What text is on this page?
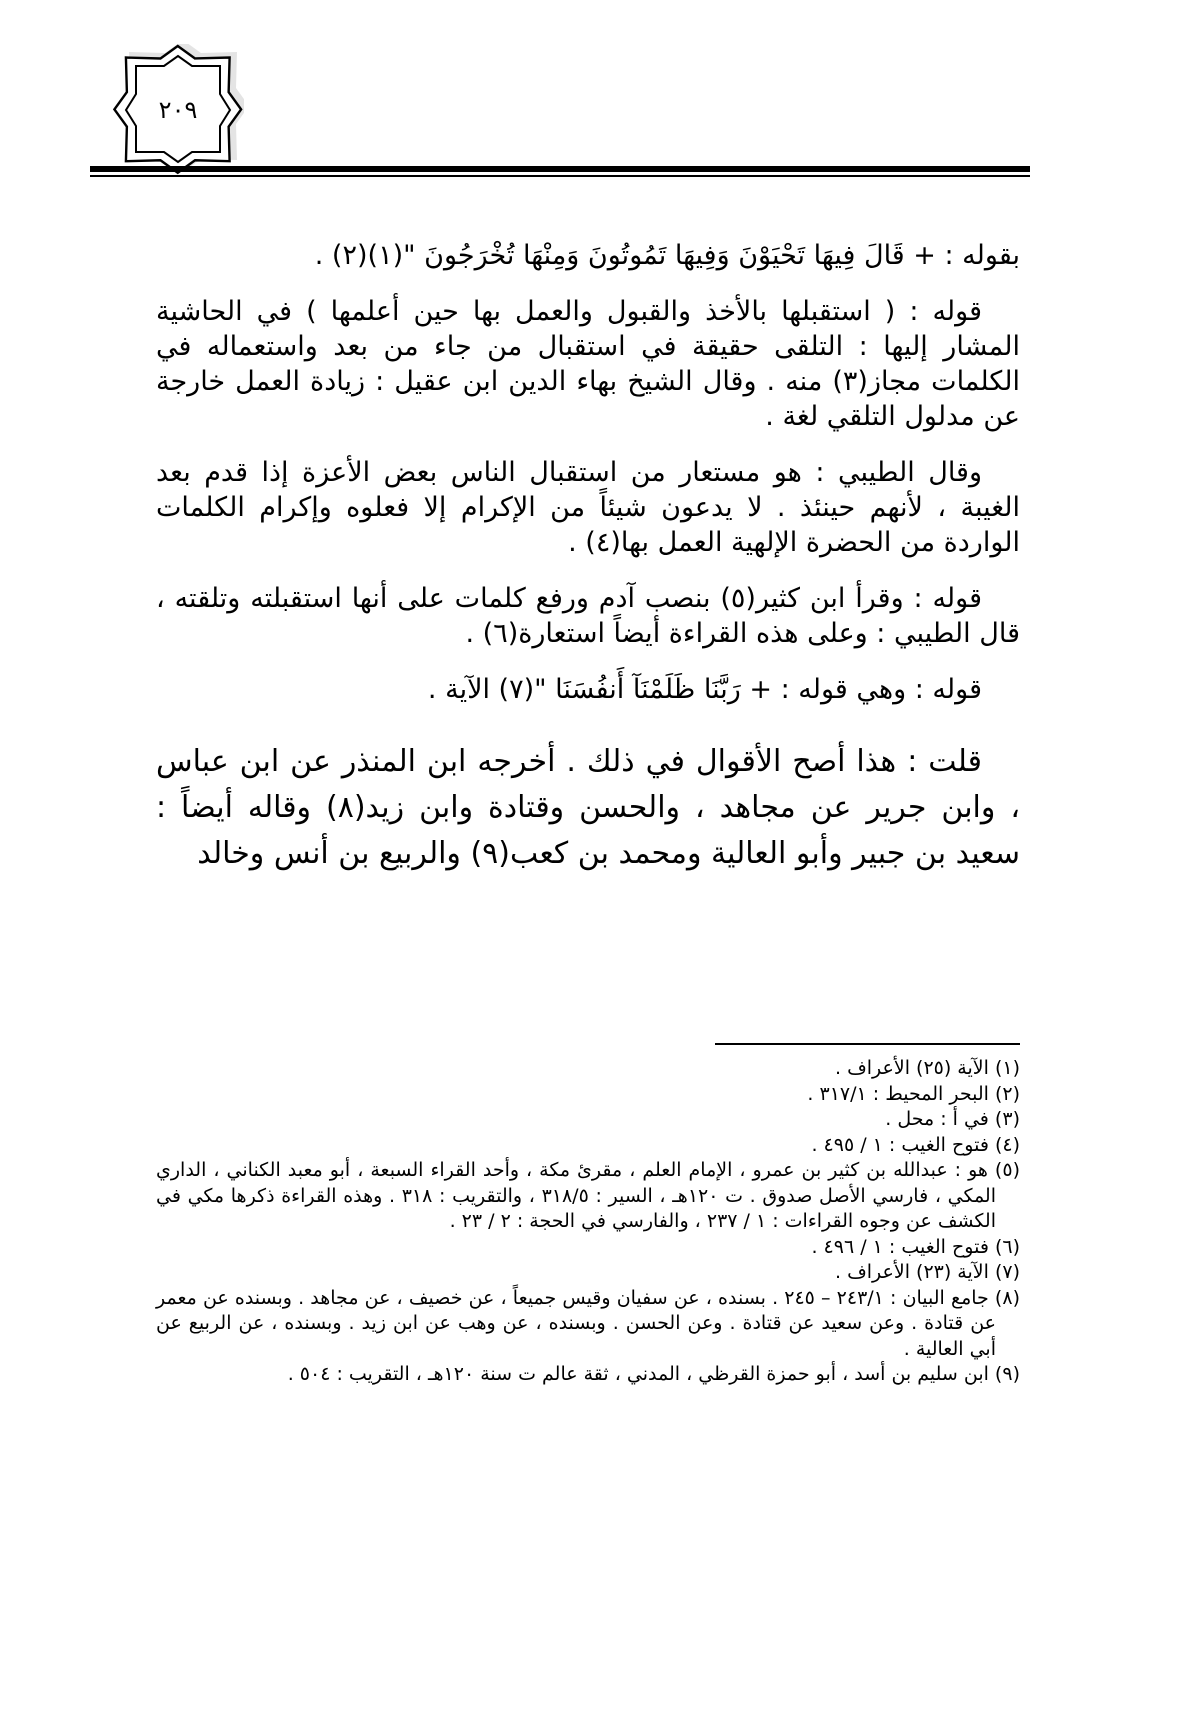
٢٠٩

بقوله : + قَالَ فِيهَا تَحْيَوْنَ وَفِيهَا تَمُوتُونَ وَمِنْهَا تُخْرَجُونَ "(١)(٢) .

قوله : ( استقبلها بالأخذ والقبول والعمل بها حين أعلمها ) في الحاشية المشار إليها : التلقى حقيقة في استقبال من جاء من بعد واستعماله في الكلمات مجاز(٣) منه . وقال الشيخ بهاء الدين ابن عقيل : زيادة العمل خارجة عن مدلول التلقي لغة .

وقال الطيبي : هو مستعار من استقبال الناس بعض الأعزة إذا قدم بعد الغيبة ، لأنهم حينئذ . لا يدعون شيئاً من الإكرام إلا فعلوه وإكرام الكلمات الواردة من الحضرة الإلهية العمل بها(٤) .

قوله : وقرأ ابن كثير(٥) بنصب آدم ورفع كلمات على أنها استقبلته وتلقته ، قال الطيبي : وعلى هذه القراءة أيضاً استعارة(٦) .

قوله : وهي قوله : + رَبَّنَا ظَلَمْنَآ أَنفُسَنَا "(٧) الآية .

قلت : هذا أصح الأقوال في ذلك . أخرجه ابن المنذر عن ابن عباس ، وابن جرير عن مجاهد ، والحسن وقتادة وابن زيد(٨) وقاله أيضاً : سعيد بن جبير وأبو العالية ومحمد بن كعب(٩) والربيع بن أنس وخالد

(١) الآية (٢٥) الأعراف .

(٢) البحر المحيط : ٣١٧/١ .

(٣) في أ : محل .

(٤) فتوح الغيب : ١ / ٤٩٥ .

(٥) هو : عبدالله بن كثير بن عمرو ، الإمام العلم ، مقرئ مكة ، وأحد القراء السبعة ، أبو معبد الكناني ، الداري المكي ، فارسي الأصل صدوق . ت ١٢٠هـ ، السير : ٣١٨/٥ ، والتقريب : ٣١٨ . وهذه القراءة ذكرها مكي في الكشف عن وجوه القراءات : ١ / ٢٣٧ ، والفارسي في الحجة : ٢ / ٢٣ .

(٦) فتوح الغيب : ١ / ٤٩٦ .

(٧) الآية (٢٣) الأعراف .

(٨) جامع البيان : ٢٤٣/١ – ٢٤٥ . بسنده ، عن سفيان وقيس جميعاً ، عن خصيف ، عن مجاهد . وبسنده عن معمر عن قتادة . وعن سعيد عن قتادة . وعن الحسن . وبسنده ، عن وهب عن ابن زيد . وبسنده ، عن الربيع عن أبي العالية .

(٩) ابن سليم بن أسد ، أبو حمزة القرظي ، المدني ، ثقة عالم ت سنة ١٢٠هـ ، التقريب : ٥٠٤ .
